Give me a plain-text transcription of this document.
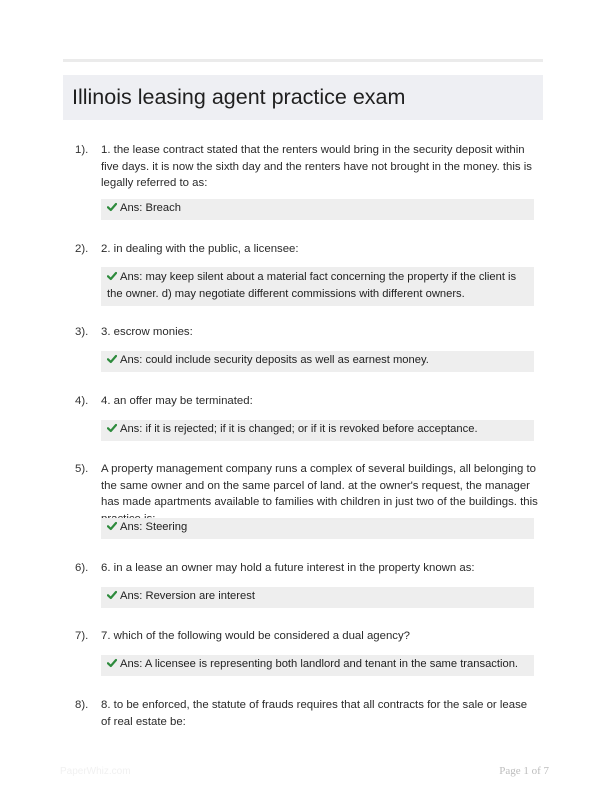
Illinois leasing agent practice exam
1). 1. the lease contract stated that the renters would bring in the security deposit within five days. it is now the sixth day and the renters have not brought in the money. this is legally referred to as:
Ans: Breach
2). 2. in dealing with the public, a licensee:
Ans: may keep silent about a material fact concerning the property if the client is the owner. d) may negotiate different commissions with different owners.
3). 3. escrow monies:
Ans: could include security deposits as well as earnest money.
4). 4. an offer may be terminated:
Ans: if it is rejected; if it is changed; or if it is revoked before acceptance.
5). A property management company runs a complex of several buildings, all belonging to the same owner and on the same parcel of land. at the owner's request, the manager has made apartments available to families with children in just two of the buildings. this
Ans: Steering
6). 6. in a lease an owner may hold a future interest in the property known as:
Ans: Reversion are interest
7). 7. which of the following would be considered a dual agency?
Ans: A licensee is representing both landlord and tenant in the same transaction.
8). 8. to be enforced, the statute of frauds requires that all contracts for the sale or lease of real estate be:
PaperWhiz.com	Page 1 of 7
